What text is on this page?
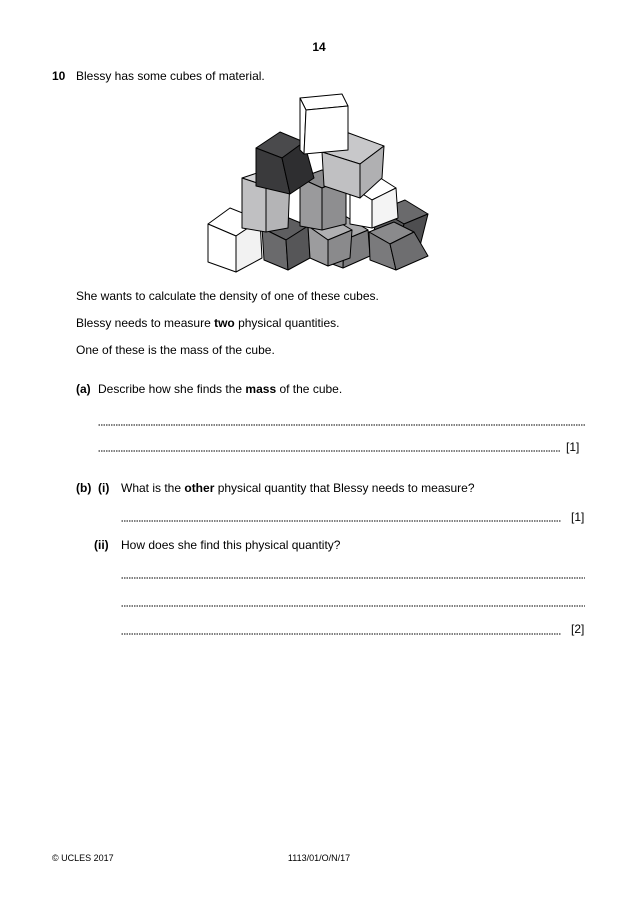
14
10 Blessy has some cubes of material.
She wants to calculate the density of one of these cubes.
Blessy needs to measure two physical quantities.
One of these is the mass of the cube.
(a) Describe how she finds the mass of the cube.
[1]
(b) (i) What is the other physical quantity that Blessy needs to measure?
[1]
(ii) How does she find this physical quantity?
[2]
© UCLES 2017	1113/01/O/N/17
